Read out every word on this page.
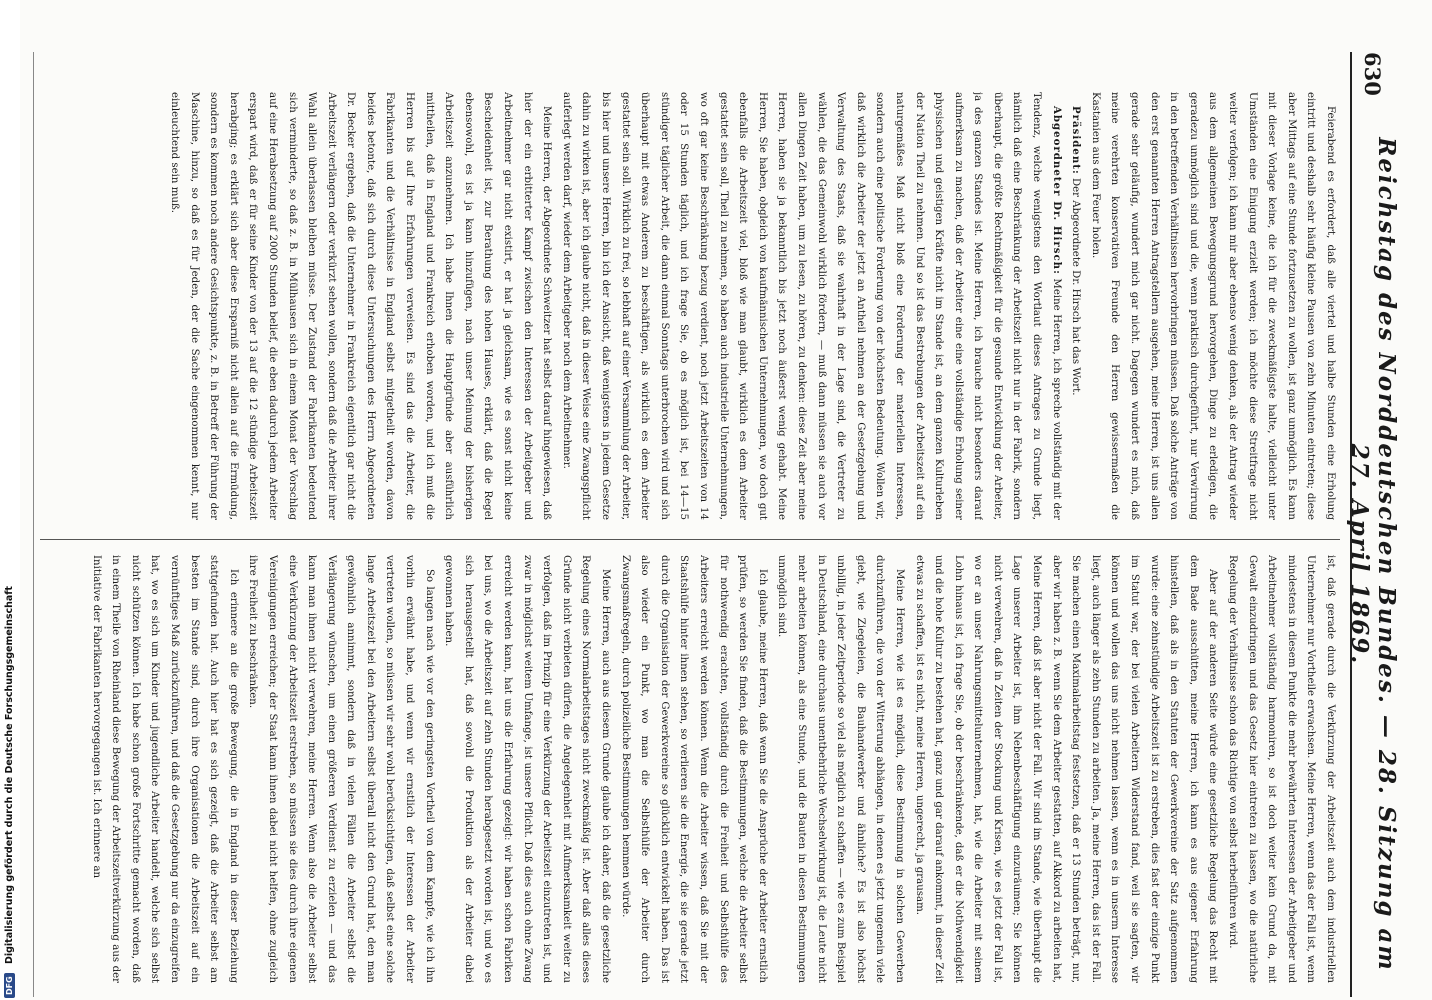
630
Reichstag des Norddeutschen Bundes. — 28. Sitzung am 27. April 1869.

Feierabend es erfordert, daß alle viertel und halbe Stunden eine Erholung eintritt und deshalb sehr häufig kleine Pausen von zehn Minuten eintreten; diese aber Mittags auf eine Stunde fortzusetzen zu wollen, ist ganz unmöglich. Es kann mit dieser Vorlage keine, die ich für die zweckmäßigste halte, vielleicht unter Umständen eine Einigung erzielt werden; ich möchte diese Streitfrage nicht weiter verfolgen; ich kann mir aber ebenso wenig denken, als der Antrag wieder aus dem allgemeinen Bewegungsgrund hervorgehen, Dinge zu erledigen, die geradezu unmöglich sind und die, wenn praktisch durchgeführt, nur Verwirrung in den betreffenden Verhältnissen hervorbringen müssen. Daß solche Anträge von den erst genannten Herren Antragstellern ausgehen, meine Herren, ist uns allen gerade sehr geläufig, wundert mich gar nicht. Dagegen wundert es mich, daß meine verehrten konservativen Freunde den Herren gewissermaßen die Kastanien aus dem Feuer holen.

Präsident: Der Abgeordnete Dr. Hirsch hat das Wort.

Abgeordneter Dr. Hirsch: Meine Herren, ich spreche vollständig mit der Tendenz, welche wenigstens den Wortlaut dieses Antrages zu Grunde liegt, nämlich daß eine Beschränkung der Arbeitszeit nicht nur in der Fabrik, sondern überhaupt, die größte Rechtmäßigkeit für die gesunde Entwicklung der Arbeiter, ja des ganzen Standes ist. Meine Herren, ich brauche nicht besonders darauf aufmerksam zu machen, daß der Arbeiter eine eine vollständige Erholung seiner physischen und geistigen Kräfte nicht im Stande ist, an dem ganzen Kulturleben der Nation Theil zu nehmen. Und so ist das Bestrebungen der Arbeitszeit auf ein naturgemäßes Maß nicht bloß eine Forderung der materiellen Interessen, sondern auch eine politische Forderung von der höchsten Bedeutung. Wollen wir, daß wirklich die Arbeiter der jetzt an Antheil nehmen an der Gesetzgebung und Verwaltung des Staats, daß sie wahrhaft in der Lage sind, die Vertreter zu wählen, die das Gemeinwohl wirklich fördern, — muß dann müssen sie auch vor allen Dingen Zeit haben, um zu lesen, zu hören, zu denken: diese Zeit aber meine Herren, haben sie ja bekanntlich bis jetzt noch äußerst wenig gehabt. Meine Herren, Sie haben, obgleich von kaufmännischen Unternehmungen, wo doch gut ebenfalls die Arbeitszeit viel, bloß wie man glaubt, wirklich es dem Arbeiter gestattet sein soll, Theil zu nehmen, so haben auch industrielle Unternehmungen, wo oft gar keine Beschränkung bezug verdient, noch jetzt Arbeitszeiten von 14 oder 15 Stunden täglich, und ich frage Sie, ob es möglich ist, bei 14—15 stündiger täglicher Arbeit, die dann einmal Sonntags unterbrochen wird und sich überhaupt mit etwas Anderem zu beschäftigen, als wirklich es dem Arbeiter gestattet sein soll. Wirklich zu frei, so lebhaft auf einer Versammlung der Arbeiter, bis hier und unsere Herren, bin ich der Ansicht, daß wenigstens in jedem Gesetze dahin zu wirken ist, aber ich glaube nicht, daß in dieser Weise eine Zwangspflicht auferlegt werden darf, wieder dem Arbeitgeber noch dem Arbeitnehmer.

Meine Herren, der Abgeordnete Schweitzer hat selbst darauf hingewiesen, daß hier der ein erbitterter Kampf zwischen den Interessen der Arbeitgeber und Arbeitnehmer gar nicht existirt, er hat ja gleichsam, wie es sonst nicht keine Bescheidenheit ist, zur Berathung des hohen Hauses, erklärt, daß die Regel ebensowohl, es ist ja kann hinzufügen, nach unser Meinung der bisherigen Arbeitszeit anzunehmen. Ich habe Ihnen die Hauptgründe aber ausführlich mittheilen, daß in England und Frankreich erhoben worden, und ich muß die Herren bis auf Ihre Erfahrungen verweisen. Es sind das die Arbeiter, die Fabrikanten und die Verhältnisse in England selbst mitgetheilt worden, davon beides betonte, daß sich durch diese Untersuchungen des Herrn Abgeordneten Dr. Becker ergeben, daß die Unternehmer in Frankreich eigentlich gar nicht die Arbeitszeit verlängern oder verkürzt sehen wollen, sondern daß die Arbeiter ihrer Wahl allein überlassen bleiben müsse. Der Zustand der Fabrikanten bedeutend sich verminderte, so daß z. B. in Mülhausen sich in einem Monat der Vorschlag auf eine Herabsetzung auf 2000 Stunden belief, die eben dadurch jedem Arbeiter erspart wird, daß er für seine Kinder von der 13 auf die 12 stündige Arbeitszeit herabging; es erklärt sich aber diese Ersparniß nicht allein auf die Ermüdung, sondern es kommen noch andere Gesichtspunkte, z. B. in Betreff der Führung der Maschine, hinzu, so daß es für Jeden, der die Sache eingenommen kennt, nur einleuchtend sein muß.

ist, daß gerade durch die Verkürzung der Arbeitszeit auch dem industriellen Unternehmer nur Vortheile erwachsen. Meine Herren, wenn das der Fall ist, wenn mindestens in diesem Punkte die mehr bewährten Interessen der Arbeitgeber und Arbeitnehmer vollständig harmoniren, so ist doch weiter kein Grund da, mit Gewalt einzudringen und das Gesetz hier eintreten zu lassen, wo die natürliche Regelung der Verhältnisse schon das Richtige von selbst herbeiführen wird.

Aber auf der anderen Seite würde eine gesetzliche Regelung das Recht mit dem Bade ausschütten, meine Herren, ich kann es aus eigener Erfahrung hinstellen, daß als in den Statuten der Gewerkvereine der Satz aufgenommen wurde: eine zehnstündige Arbeitszeit ist zu erstreben, dies fast der einzige Punkt im Statut war, der bei vielen Arbeitern Widerstand fand, weil sie sagten, wir können und wollen das uns nicht nehmen lassen, wenn es in unserm Interesse liegt, auch länger als zehn Stunden zu arbeiten. Ja, meine Herren, das ist der Fall. Sie machen einen Maximalarbeitstag festsetzen, daß er 13 Stunden beträgt, nur, aber wir haben z. B. wenn Sie dem Arbeiter gestatten, auf Akkord zu arbeiten hat, Meine Herren, daß ist aber nicht der Fall. Wir sind im Stande, wie überhaupt die Lage unserer Arbeiter ist, ihm Nebenbeschäftigung einzuräumen; Sie können nicht verwehren, daß in Zeiten der Stockung und Krisen, wie es jetzt der Fall ist, wo er an unser Nahrungsmittelunternehmen, hat, wie die Arbeiter mit seinem Lohn hinaus ist, ich frage Sie, ob der beschränkende, daß er die Nothwendigkeit und die hohe Kultur zu bestehen hat, ganz und gar darauf ankommt, in dieser Zeit etwas zu schaffen, ist es nicht, meine Herren, ungerecht, ja grausam.

Meine Herren, wie ist es möglich, diese Bestimmung in solchen Gewerben durchzuführen, die von der Witterung abhängen, in denen es jetzt ungemein viele giebt, wie Ziegeleien, die Bauhandwerker und ähnliche? Es ist also höchst unbillig, in jeder Zeitperiode so viel als möglich zu schaffen — wie es zum Beispiel in Deutschland, eine durchaus unentbehrliche Wechselwirkung ist, die Leute nicht mehr arbeiten können, als eine Stunde, und die Bauten in diesen Bestimmungen unmöglich sind.

Ich glaube, meine Herren, daß wenn Sie die Ansprüche der Arbeiter ernstlich prüfen, so werden Sie finden, daß die Bestimmungen, welche die Arbeiter selbst für nothwendig erachten, vollständig durch die Freiheit und Selbsthülfe des Arbeiters erreicht werden können. Wenn die Arbeiter wissen, daß Sie mit der Staatshülfe hinter ihnen stehen, so verlieren sie die Energie, die sie gerade jetzt durch die Organisation der Gewerkvereine so glücklich entwickelt haben. Das ist also wieder ein Punkt, wo man die Selbsthülfe der Arbeiter durch Zwangsmaßregeln, durch polizeiliche Bestimmungen hemmen würde.

Meine Herren, auch aus diesem Grunde glaube ich daher, daß die gesetzliche Regelung eines Normalarbeitstages nicht zweckmäßig ist. Aber daß alles dieses Gründe nicht verbieten dürfen, die Angelegenheit mit Aufmerksamkeit weiter zu verfolgen, daß im Prinzip für eine Verkürzung der Arbeitszeit einzutreten ist, und zwar in möglichst weitem Umfange, ist unsere Pflicht. Daß dies auch ohne Zwang erreicht werden kann, hat uns die Erfahrung gezeigt: wir haben schon Fabriken bei uns, wo die Arbeitszeit auf zehn Stunden herabgesetzt worden ist, und wo es sich herausgestellt hat, daß sowohl die Produktion als der Arbeiter dabei gewonnen haben.

So langen nach wie vor den geringsten Vortheil von dem Kampfe, wie ich ihn vorhin erwähnt habe, und wenn wir ernstlich der Interessen der Arbeiter vertreten wollen, so müssen wir sehr wohl berücksichtigen, daß selbst eine solche lange Arbeitszeit bei den Arbeitern selbst überall nicht den Grund hat, den man gewöhnlich annimmt, sondern daß in vielen Fällen die Arbeiter selbst die Verlängerung wünschen, um einen größeren Verdienst zu erzielen — und das kann man ihnen nicht verwehren, meine Herren. Wenn also die Arbeiter selbst eine Verkürzung der Arbeitszeit erstreben, so müssen sie dies durch ihre eigenen Vereinigungen erreichen; der Staat kann ihnen dabei nicht helfen, ohne zugleich ihre Freiheit zu beschränken.

Ich erinnere an die große Bewegung, die in England in dieser Beziehung stattgefunden hat. Auch hier hat es sich gezeigt, daß die Arbeiter selbst am besten im Stande sind, durch ihre Organisationen die Arbeitszeit auf ein vernünftiges Maß zurückzuführen, und daß die Gesetzgebung nur da einzugreifen hat, wo es sich um Kinder und jugendliche Arbeiter handelt, welche sich selbst nicht schützen können. Ich habe schon große Fortschritte gemacht worden, daß in einem Theile von Rheinland diese Bewegung der Arbeitszeitverkürzung aus der Initiative der Fabrikanten hervorgegangen ist. Ich erinnere an

DFG Digitalisierung gefördert durch die Deutsche Forschungsgemeinschaft
